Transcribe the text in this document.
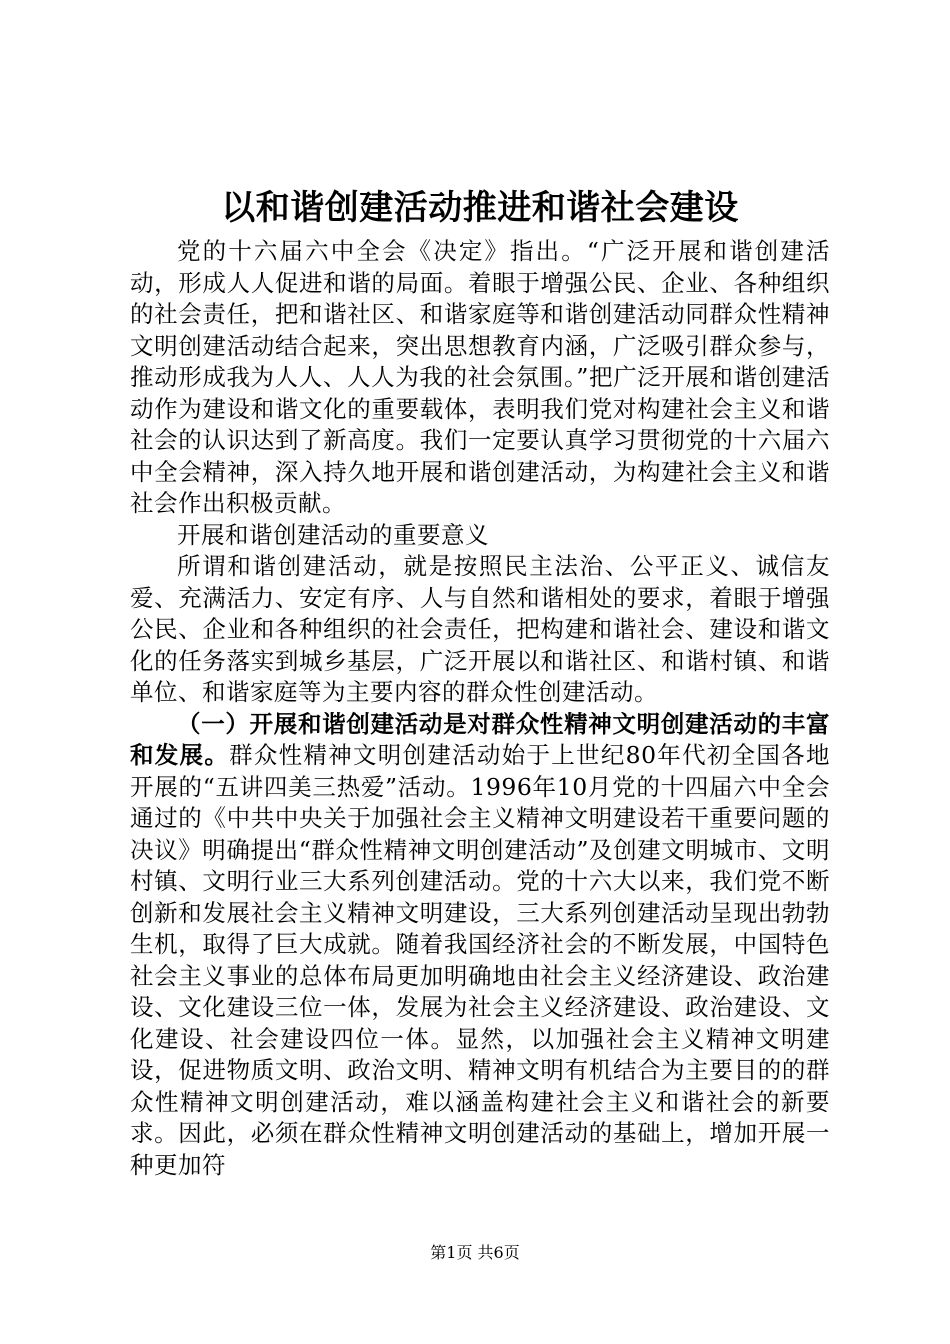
以和谐创建活动推进和谐社会建设

党的十六届六中全会《决定》指出。“广泛开展和谐创建活动，形成人人促进和谐的局面。着眼于增强公民、企业、各种组织的社会责任，把和谐社区、和谐家庭等和谐创建活动同群众性精神文明创建活动结合起来，突出思想教育内涵，广泛吸引群众参与，推动形成我为人人、人人为我的社会氛围。”把广泛开展和谐创建活动作为建设和谐文化的重要载体，表明我们党对构建社会主义和谐社会的认识达到了新高度。我们一定要认真学习贯彻党的十六届六中全会精神，深入持久地开展和谐创建活动，为构建社会主义和谐社会作出积极贡献。

开展和谐创建活动的重要意义

所谓和谐创建活动，就是按照民主法治、公平正义、诚信友爱、充满活力、安定有序、人与自然和谐相处的要求，着眼于增强公民、企业和各种组织的社会责任，把构建和谐社会、建设和谐文化的任务落实到城乡基层，广泛开展以和谐社区、和谐村镇、和谐单位、和谐家庭等为主要内容的群众性创建活动。

（一）开展和谐创建活动是对群众性精神文明创建活动的丰富和发展。群众性精神文明创建活动始于上世纪80年代初全国各地开展的“五讲四美三热爱”活动。1996年10月党的十四届六中全会通过的《中共中央关于加强社会主义精神文明建设若干重要问题的决议》明确提出“群众性精神文明创建活动”及创建文明城市、文明村镇、文明行业三大系列创建活动。党的十六大以来，我们党不断创新和发展社会主义精神文明建设，三大系列创建活动呈现出勃勃生机，取得了巨大成就。随着我国经济社会的不断发展，中国特色社会主义事业的总体布局更加明确地由社会主义经济建设、政治建设、文化建设三位一体，发展为社会主义经济建设、政治建设、文化建设、社会建设四位一体。显然，以加强社会主义精神文明建设，促进物质文明、政治文明、精神文明有机结合为主要目的的群众性精神文明创建活动，难以涵盖构建社会主义和谐社会的新要求。因此，必须在群众性精神文明创建活动的基础上，增加开展一种更加符

第1页 共6页
